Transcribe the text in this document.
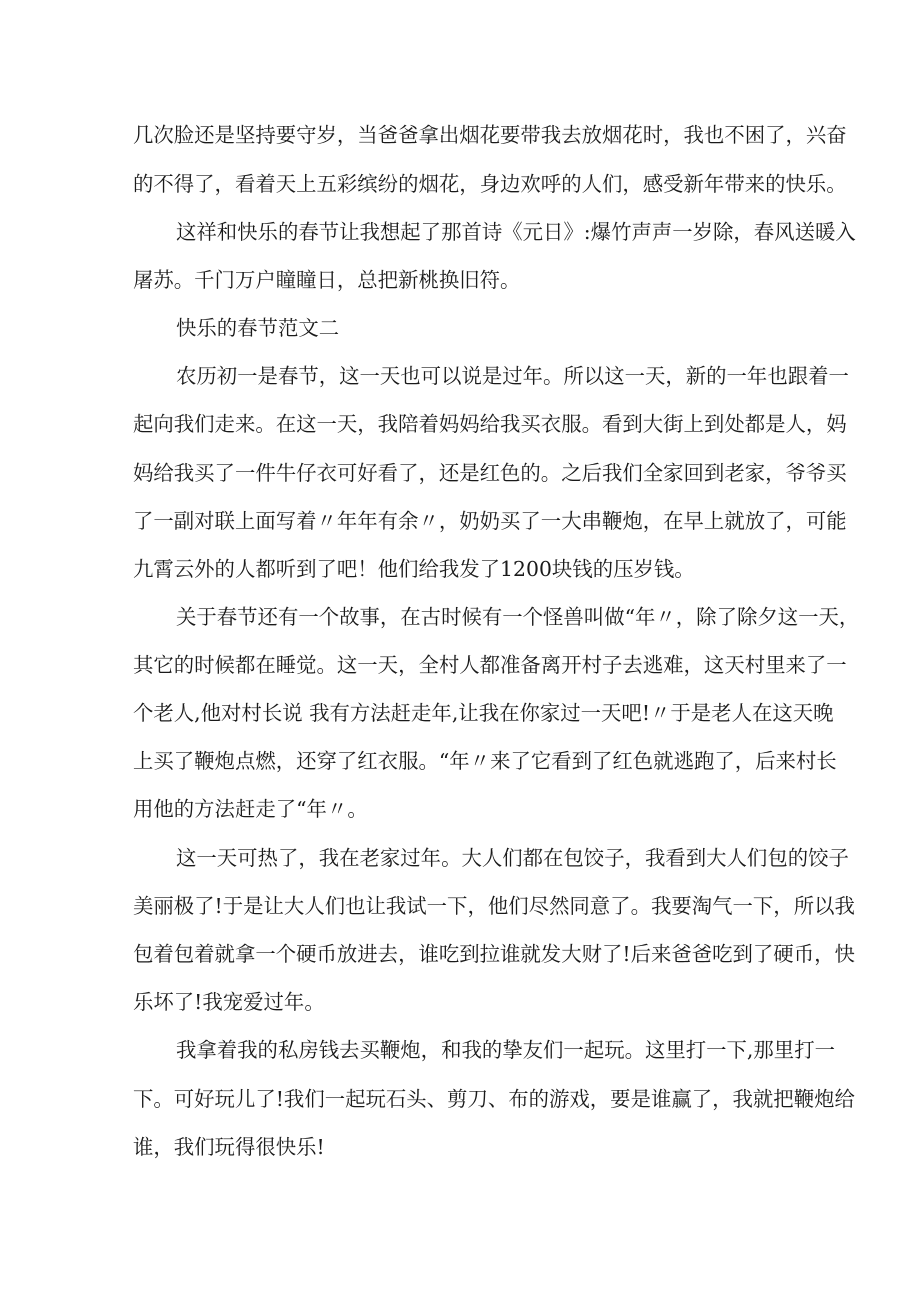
几次脸还是坚持要守岁，当爸爸拿出烟花要带我去放烟花时，我也不困了，兴奋
的不得了，看着天上五彩缤纷的烟花，身边欢呼的人们，感受新年带来的快乐。
这祥和快乐的春节让我想起了那首诗《元日》:爆竹声声一岁除，春风送暖入
屠苏。千门万户瞳瞳日，总把新桃换旧符。
快乐的春节范文二
农历初一是春节，这一天也可以说是过年。所以这一天，新的一年也跟着一
起向我们走来。在这一天，我陪着妈妈给我买衣服。看到大街上到处都是人，妈
妈给我买了一件牛仔衣可好看了，还是红色的。之后我们全家回到老家，爷爷买
了一副对联上面写着〃年年有余〃，奶奶买了一大串鞭炮，在早上就放了，可能
九霄云外的人都听到了吧！他们给我发了1200块钱的压岁钱。
关于春节还有一个故事，在古时候有一个怪兽叫做“年〃，除了除夕这一天，
其它的时候都在睡觉。这一天，全村人都准备离开村子去逃难，这天村里来了一
个老人,他对村长说 我有方法赶走年,让我在你家过一天吧!〃于是老人在这天晚
上买了鞭炮点燃，还穿了红衣服。“年〃来了它看到了红色就逃跑了，后来村长
用他的方法赶走了“年〃。
这一天可热了，我在老家过年。大人们都在包饺子，我看到大人们包的饺子
美丽极了!于是让大人们也让我试一下，他们尽然同意了。我要淘气一下，所以我
包着包着就拿一个硬币放进去，谁吃到拉谁就发大财了!后来爸爸吃到了硬币，快
乐坏了!我宠爱过年。
我拿着我的私房钱去买鞭炮，和我的挚友们一起玩。这里打一下,那里打一
下。可好玩儿了!我们一起玩石头、剪刀、布的游戏，要是谁赢了，我就把鞭炮给
谁，我们玩得很快乐!
